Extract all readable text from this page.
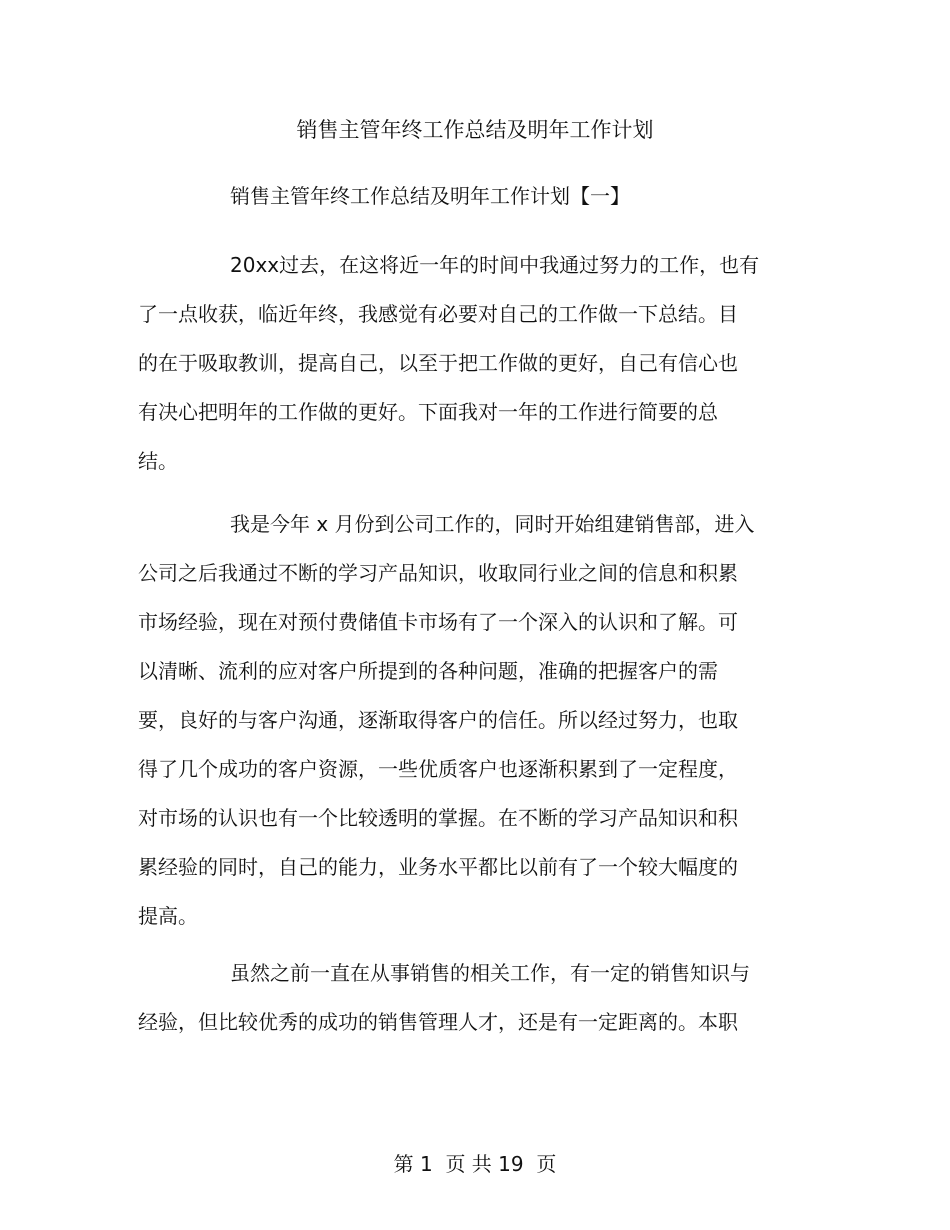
销售主管年终工作总结及明年工作计划
销售主管年终工作总结及明年工作计划【一】
20xx过去，在这将近一年的时间中我通过努力的工作，也有
了一点收获，临近年终，我感觉有必要对自己的工作做一下总结。目
的在于吸取教训，提高自己，以至于把工作做的更好，自己有信心也
有决心把明年的工作做的更好。下面我对一年的工作进行简要的总
结。
我是今年 x 月份到公司工作的，同时开始组建销售部，进入
公司之后我通过不断的学习产品知识，收取同行业之间的信息和积累
市场经验，现在对预付费储值卡市场有了一个深入的认识和了解。可
以清晰、流利的应对客户所提到的各种问题，准确的把握客户的需
要，良好的与客户沟通，逐渐取得客户的信任。所以经过努力，也取
得了几个成功的客户资源，一些优质客户也逐渐积累到了一定程度，
对市场的认识也有一个比较透明的掌握。在不断的学习产品知识和积
累经验的同时，自己的能力，业务水平都比以前有了一个较大幅度的
提高。
虽然之前一直在从事销售的相关工作，有一定的销售知识与
经验，但比较优秀的成功的销售管理人才，还是有一定距离的。本职
第 1  页 共 19  页
